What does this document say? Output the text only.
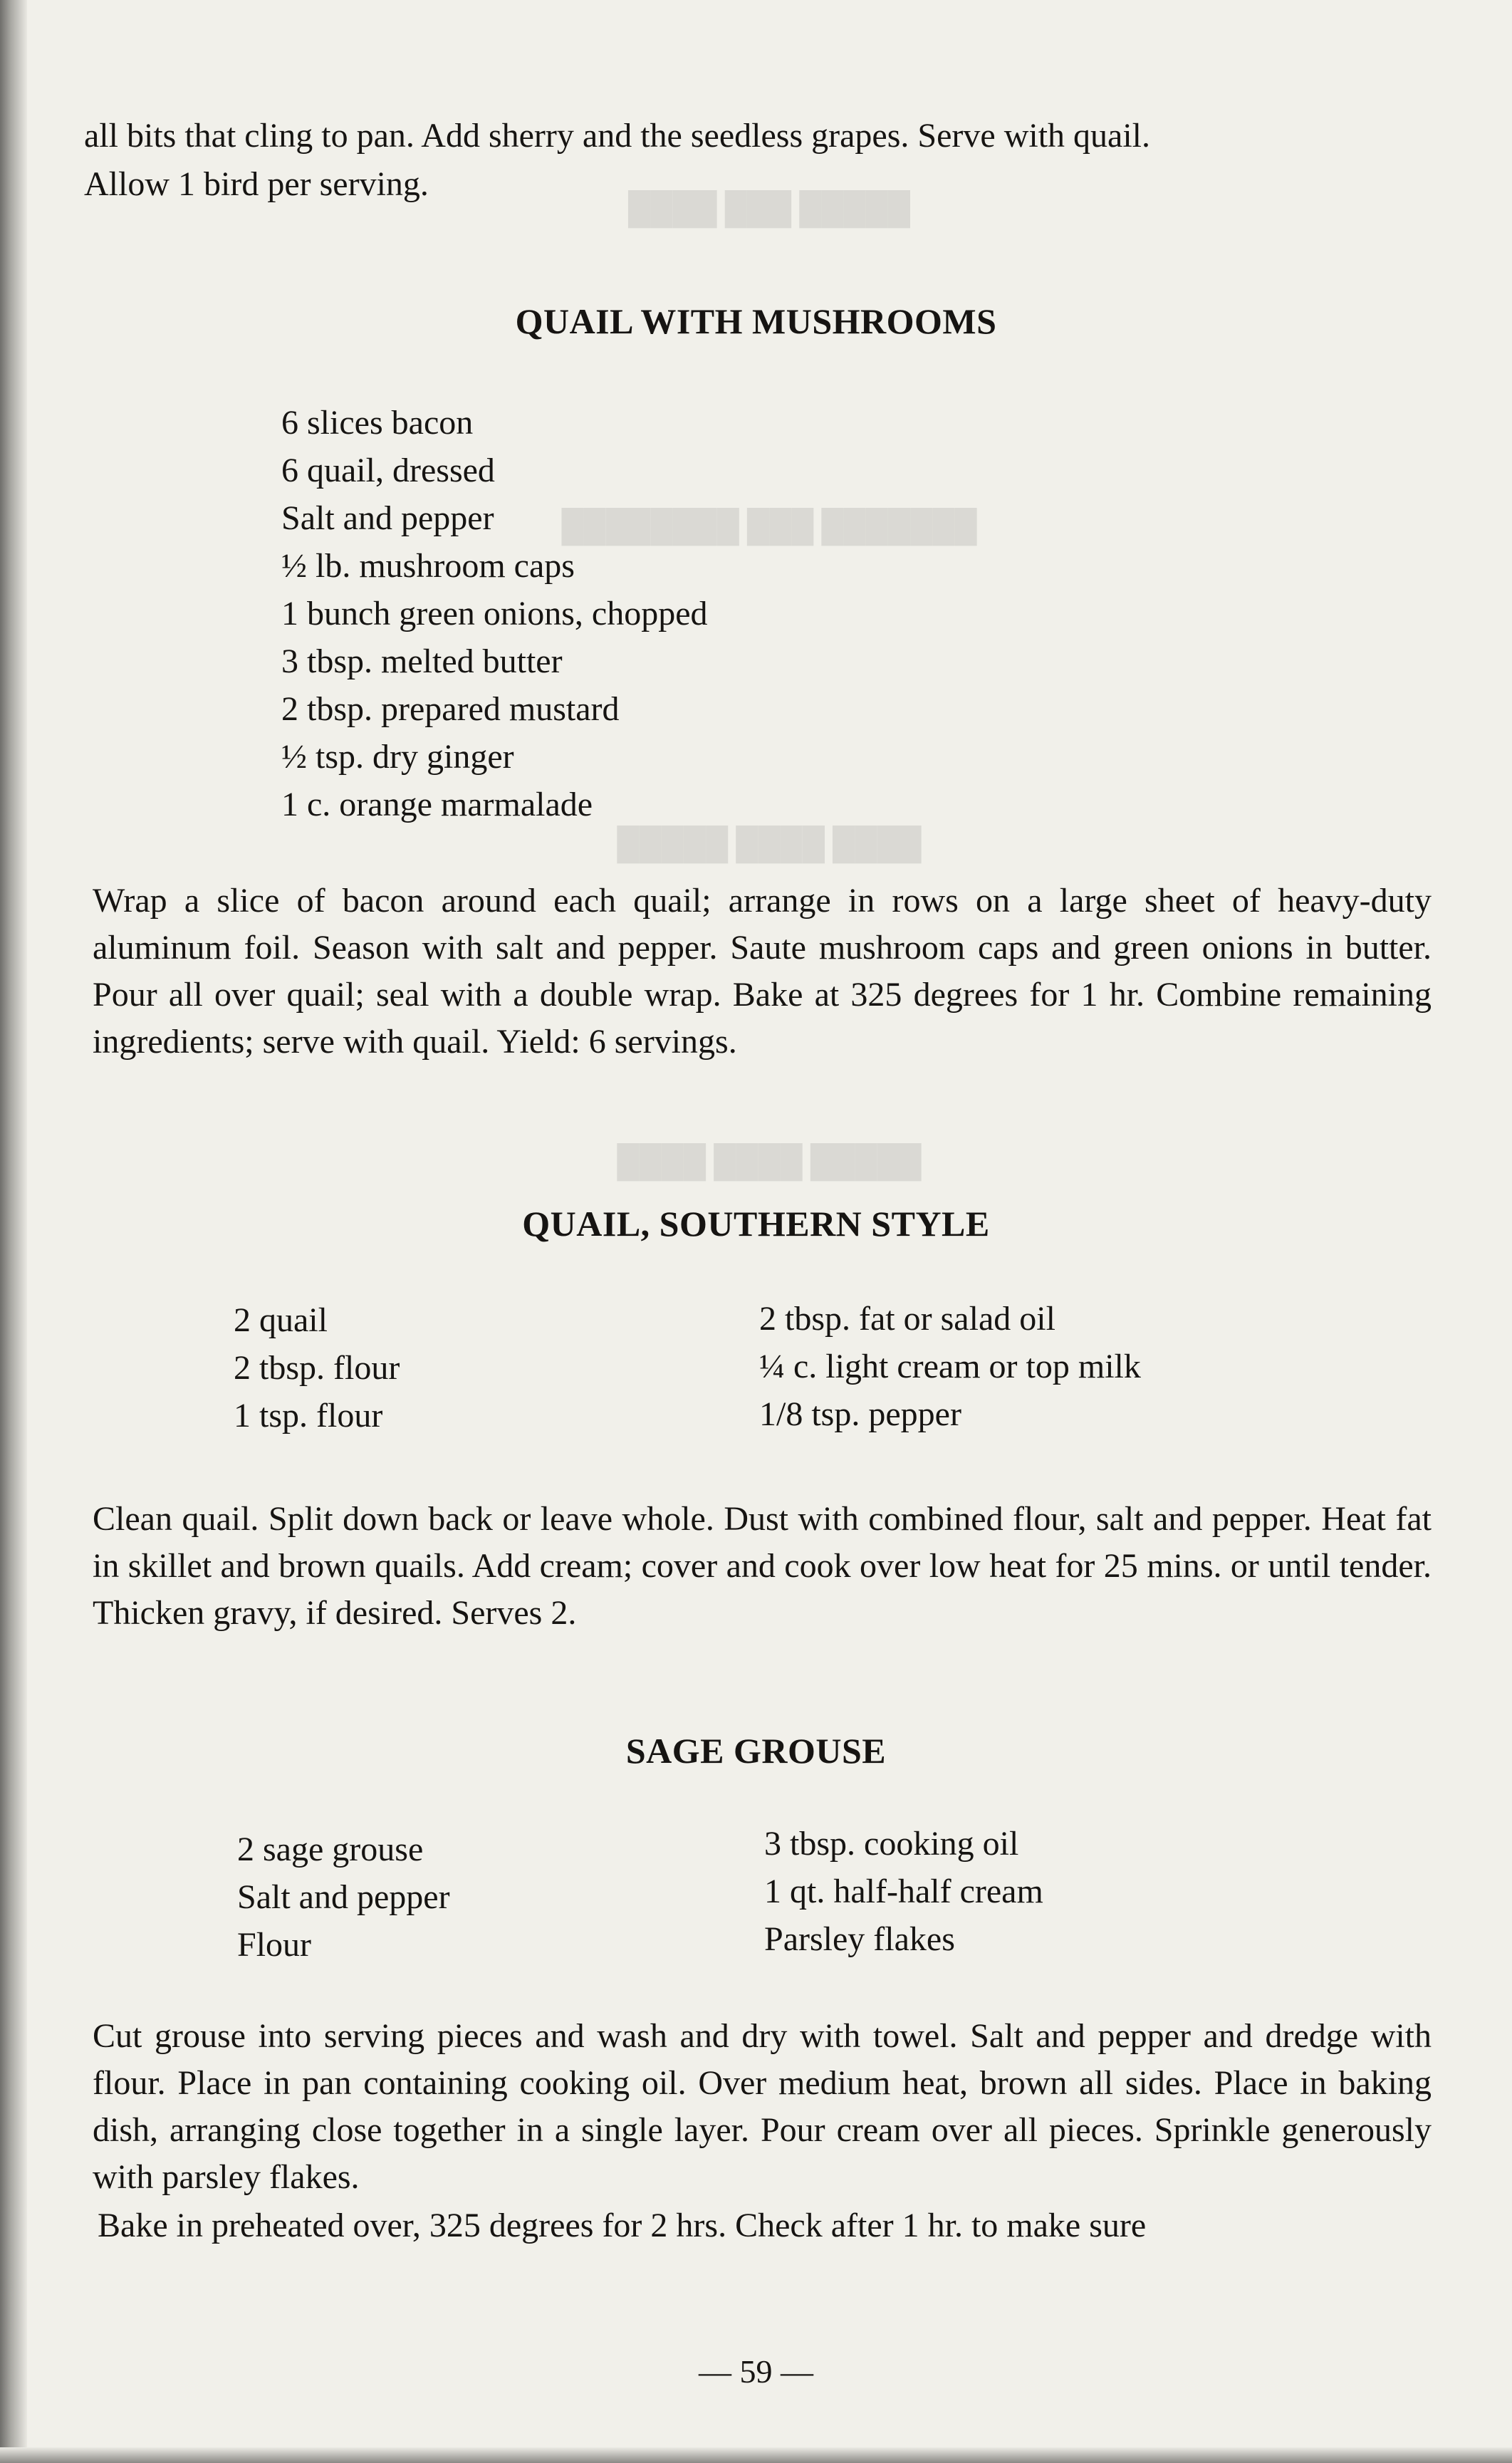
█████ ███ ████
███████ ███ ████████
████ ████ █████
█████ ████ ████

all bits that cling to pan. Add sherry and the seedless grapes. Serve with quail.

Allow 1 bird per serving.

QUAIL WITH MUSHROOMS
6 slices bacon
6 quail, dressed
Salt and pepper
½ lb. mushroom caps
1 bunch green onions, chopped
3 tbsp. melted butter
2 tbsp. prepared mustard
½ tsp. dry ginger
1 c. orange marmalade

Wrap a slice of bacon around each quail; arrange in rows on a large sheet of heavy-duty aluminum foil. Season with salt and pepper. Saute mushroom caps and green onions in butter. Pour all over quail; seal with a double wrap. Bake at 325 degrees for 1 hr. Combine remaining ingredients; serve with quail. Yield: 6 servings.

QUAIL, SOUTHERN STYLE
2 quail
2 tbsp. flour
1 tsp. flour
2 tbsp. fat or salad oil
¼ c. light cream or top milk
1/8 tsp. pepper

Clean quail. Split down back or leave whole. Dust with combined flour, salt and pepper. Heat fat in skillet and brown quails. Add cream; cover and cook over low heat for 25 mins. or until tender. Thicken gravy, if desired. Serves 2.

SAGE GROUSE
2 sage grouse
Salt and pepper
Flour
3 tbsp. cooking oil
1 qt. half-half cream
Parsley flakes

Cut grouse into serving pieces and wash and dry with towel. Salt and pepper and dredge with flour. Place in pan containing cooking oil. Over medium heat, brown all sides. Place in baking dish, arranging close together in a single layer. Pour cream over all pieces. Sprinkle generously with parsley flakes.

Bake in preheated over, 325 degrees for 2 hrs. Check after 1 hr. to make sure

— 59 —
